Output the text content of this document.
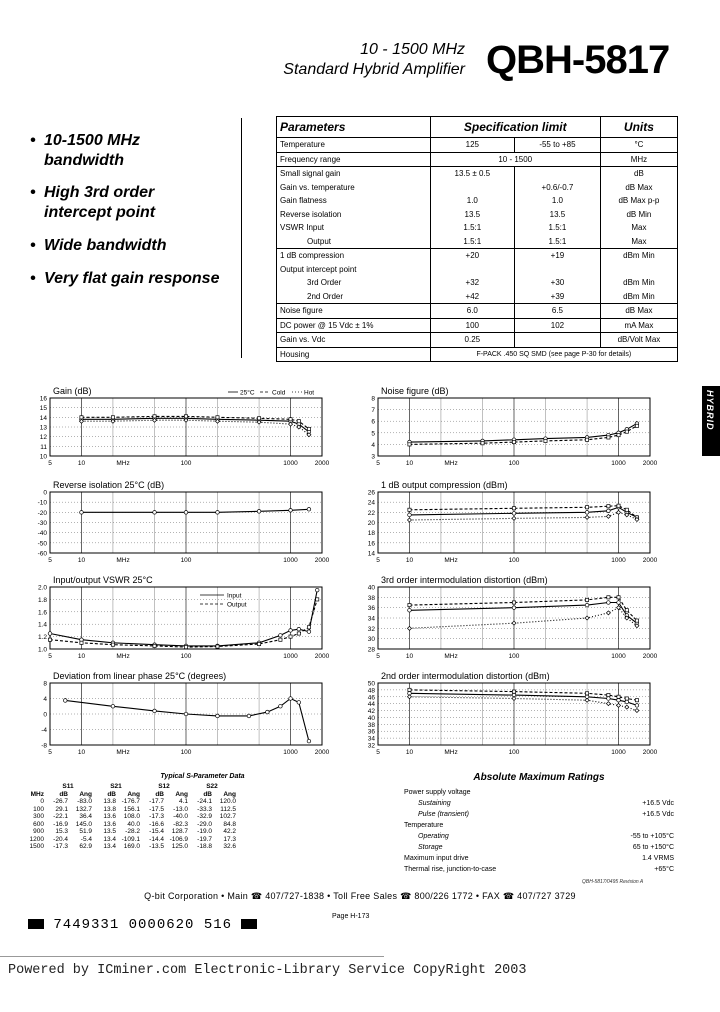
10 - 1500 MHz
Standard Hybrid Amplifier QBH-5817
• 10-1500 MHz
bandwidth
• High 3rd order
intercept point
• Wide bandwidth
• Very flat gain response
Parameters	Specification limit		Units
Temperature	125	-55 to +85	°C
Frequency range	10 - 1500		MHz
Small signal gain	13.5 ± 0.5		dB
Gain vs. temperature		+0.6/-0.7	dB Max
Gain flatness	1.0	1.0	dB Max p-p
Reverse isolation	13.5	13.5	dB Min
VSWR Input	1.5:1	1.5:1	Max
Output	1.5:1	1.5:1	Max
1 dB compression	+20	+19	dBm Min
Output intercept point			
3rd Order	+32	+30	dBm Min
2nd Order	+42	+39	dBm Min
Noise figure	6.0	6.5	dB Max
DC power @ 15 Vdc ± 1%	100	102	mA Max
Gain vs. Vdc	0.25		dB/Volt Max
Housing	F-PACK .450 SQ SMD (see page P-30 for details)		
HYBRID
Gain (dB)
16
15
14
13
12
11
10
5	10	MHz	100	1000	2000
25°C	Cold	Hot	Noise figure (dB)
8
7
6
5
4
3
5	10	MHz	100	1000	2000
Reverse isolation 25°C (dB)
0
-10
-20
-30
-40
-50
-60
5	10	MHz	100	1000	2000
1 dB output compression (dBm)
26
24
22
20
18
16
14
5	10	MHz	100	1000	2000
Input/output VSWR 25°C
2.0
1.8
1.6
1.4
1.2
1.0
5	10	MHz	100	1000	2000
Input
Output
3rd order intermodulation distortion (dBm)
40
38
36
34
32
30
28
5	10	MHz	100	1000	2000
Deviation from linear phase 25°C (degrees)
8
4
0
-4
-8
5	10	MHz	100	1000	2000
2nd order intermodulation distortion (dBm)
50
48
46
44
42
40
38
36
34
32
5	10	MHz	100	1000	2000
Typical S-Parameter Data
	S11		S21		S12		S22	
MHz	dB	Ang	dB	Ang	dB	Ang	dB	Ang
0	-26.7	-83.0	13.8	-176.7	-17.7	4.1	-24.1	120.0
100	29.1	132.7	13.8	156.1	-17.5	-13.0	-33.3	112.5
300	-22.1	36.4	13.6	108.0	-17.3	-40.0	-32.9	102.7
600	-16.9	145.0	13.6	40.0	-16.6	-82.3	-29.0	84.8
900	15.3	51.9	13.5	-28.2	-15.4	128.7	-19.0	42.2
1200	-20.4	-5.4	13.4	-109.1	-14.4	-106.9	-19.7	17.3
1500	-17.3	62.9	13.4	169.0	-13.5	125.0	-18.8	32.6
Absolute Maximum Ratings
Power supply voltage
Sustaining	+16.5 Vdc
Pulse (transient)	+16.5 Vdc
Temperature
Operating	-55 to +105°C
Storage	65 to +150°C
Maximum input drive	1.4 VRMS
Thermal rise, junction-to-case	+65°C
QBH-5817/0495 Revision A
Q-bit Corporation • Main ☎ 407/727-1838 • Toll Free Sales ☎ 800/226 1772 • FAX ☎ 407/727 3729
7449331 0000620 516
Page H-173
Powered by ICminer.com Electronic-Library Service CopyRight 2003
